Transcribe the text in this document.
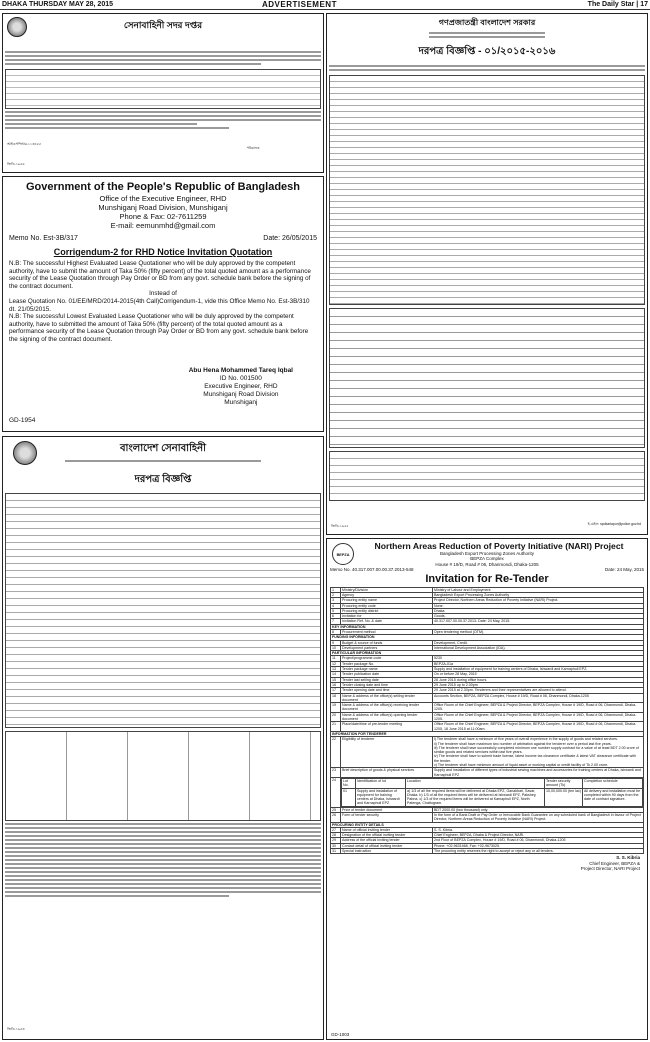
DHAKA THURSDAY MAY 28, 2015	ADVERTISEMENT	The Daily Star | 17
সেনাবাহিনী সদর দপ্তর
আইএসপিআর-১১৩৪৫৫
পরিচালক
জিডি-১৯৫৬
Government of the People's Republic of Bangladesh
Office of the Executive Engineer, RHD
Munshiganj Road Division, Munshiganj
Phone & Fax: 02-7611259
E-mail: eemunmhd@gmail.com
Memo No. Est-3B/317	Date: 26/05/2015
Corrigendum-2 for RHD Notice Invitation Quotation
N.B: The successful Highest Evaluated Lease Quotationer who will be duly approved by the competent authority, have to submit the amount of Taka 50% (fifty percent) of the total quoted amount as a performance security of the Lease Quotation through Pay Order or BD from any govt. schedule bank before the signing of the contract document.
Instead of
Lease Quotation No. 01/EE/MRD/2014-2015(4th Call)Corrigendum-1, vide this Office Memo No. Est-3B/310 dt. 21/05/2015.
N.B: The successful Lowest Evaluated Lease Quotationer who will be duly approved by the competent authority, have to submitted the amount of Taka 50% (fifty percent) of the total quoted amount as a performance security of the Lease Quotation through Pay Order or BD from any govt. schedule bank before the signing of the contract document.
Abu Hena Mohammed Tareq Iqbal
ID No. 001500
Executive Engineer, RHD
Munshiganj Road Division
Munshiganj
GD-1954
বাংলাদেশ সেনাবাহিনী
দরপত্র বিজ্ঞপ্তি
জিডি-১৯৫৩
গণপ্রজাতন্ত্রী বাংলাদেশ সরকার
দরপত্র বিজ্ঞপ্তি - ০১/২০১৫-২০১৬
ই-মেইল: spdkarlapur@police.gov.bd
জিডি-১৯৫৫
BEPZA
Northern Areas Reduction of Poverty Initiative (NARI) Project
Bangladesh Export Processing Zones Authority
BEPZA Complex
House # 19/D, Road # 06, Dhanmondi, Dhaka-1205
Memo No. 40.317.007.00.00.37.2013-548	Date: 24 May, 2015
Invitation for Re-Tender
1	Ministry/Division	Ministry of Labour and Employment
2	Agency	Bangladesh Export Processing Zones Authority
3	Procuring entity name	Project Director, Northern Areas Reduction of Poverty Initiative (NARI) Project.
4	Procuring entity code	None.
5	Procuring entity district	Dhaka.
6	Invitation for	Goods.
7	Invitation Ref. No. & date	40.317.007.00.00.37.2013- Date: 24 May, 2015.
KEY INFORMATION
8	Procurement method	Open tendering method (OTM).
FUNDING INFORMATION
9	Budget & source of funds	Development, Credit.
10	Development partners	International Development Association (IDA).
PARTICULAR INFORMATION
11	Project/programme code	5230
12	Tender package No.	BEPZA-01a
13	Tender package name	Supply and installation of equipment for training centers of Dhaka, Ishwardi and Karnaphuli EPZ.
14	Tender publication date	On or before 28 May, 2015
15	Tender last selling date	28 June 2015 during office hours.
16	Tender closing date and time	29 June 2015 up to 2.00pm
17	Tender opening date and time	29 June 2015 at 2.30pm. Tenderers and their representatives are allowed to attend.
18	Name & address of the office(s) selling tender document	Accounts Section, BEPZA, BEPZA Complex, House # 19/D, Road # 06, Dhanmondi, Dhaka-1205
19	Name & address of the office(s) receiving tender document	Office Room of the Chief Engineer, BEPZA & Project Director, BEPZA Complex, House # 19/D, Road # 06, Dhanmondi, Dhaka-1205.
20	Name & address of the office(s) opening tender document	Office Room of the Chief Engineer, BEPZA & Project Director, BEPZA Complex, House # 19/D, Road # 06, Dhanmondi, Dhaka-1205.
21	Place/date/time of pre-tender meeting	Office Room of the Chief Engineer, BEPZA & Project Director, BEPZA Complex, House # 19/D, Road # 06, Dhanmondi, Dhaka-1205, 18 June 2015 at 11:00am.
INFORMATION FOR TENDERER
22	Eligibility of tenderer	i) The tenderer shall have a minimum of five years of overall experience in the supply of goods and related services.
ii) The tenderer shall have maximum two number of arbitration against the tenderer over a period last five years.
iii) The tenderer shall have successfully completed minimum one number supply contract for a value of at least BDT 2.00 crore of similar goods and related services within last five years.
iv) The tenderer shall have to submit trade license, latest income tax clearance certificate & latest VAT clearance certificate with the tender.
v) The tenderer shall have minimum amount of liquid asset or working capital or credit facility of Tk 2.00 crore.

23	Brief description of goods & physical services	Supply and installation of different types of industrial sewing machines and accessories for training centers at Dhaka, Ishwardi and Karnaphuli EPZ
24	Lot No.	Identification of lot	Location	Tender security amount (Tk)	Completion schedule
01	Supply and installation of equipment for training centers at Dhaka, Ishwardi and Karnaphuli EPZ	a) 1/3 of all the required items will be delivered at Dhaka EPZ, Ganakbari, Savar, Dhaka. b) 1/3 of all the required items will be delivered at Ishwardi EPZ, Pakshey, Pabna. c) 1/3 of the required items will be delivered at Karnaphuli EPZ, North Patenga, Chattogram.	10,00,000.00 (ten lac)	All delivery and installation must be completed within 90 days from the date of contract signature.

25	Price of tender document	BDT 2000.00 (two thousand) only.
26	Form of tender security	In the form of a Bank Draft or Pay Order or Irrevocable Bank Guarantee on any scheduled bank of Bangladesh in favour of Project Director, Northern Areas Reduction of Poverty Initiative (NARI) Project.
PROCURING ENTITY DETAILS
27	Name of official inviting tender	S. S. Kibria.
28	Designation of the official inviting tender	Chief Engineer, BEPZA, Dhaka & Project Director, NARI.
29	Address of the official inviting tender	2nd Floor of BEPZA Complex, House # 19/D, Road # 06, Dhanmondi, Dhaka-1205
30	Contact detail of official inviting tender	Phone: +02-9631468, Fax: +02-9673025.
31	Special instruction	The procuring entity reserves the right to accept or reject any or all tenders.
S. S. Kibria
Chief Engineer, BEPZA &
Project Director, NARI Project
GD-1003
